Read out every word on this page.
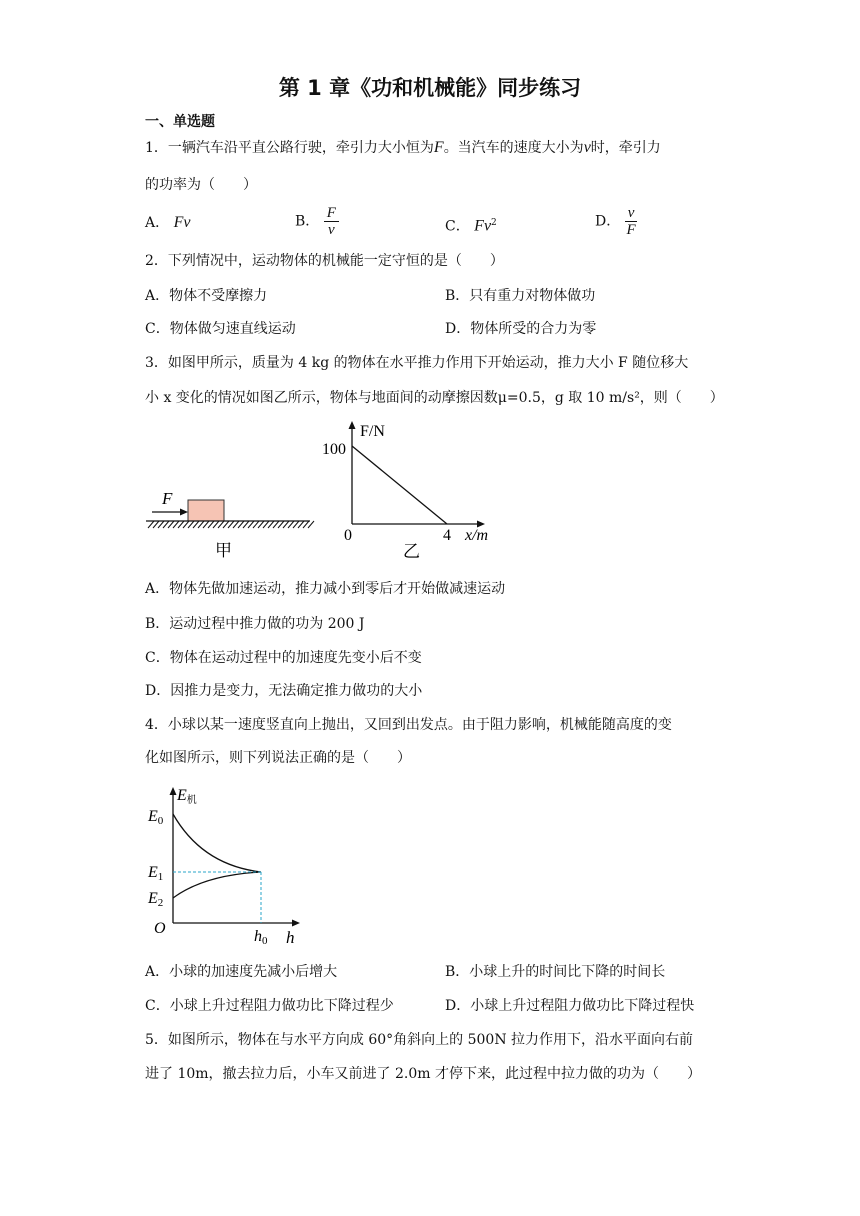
第 1 章《功和机械能》同步练习
一、单选题
1．一辆汽车沿平直公路行驶，牵引力大小恒为F。当汽车的速度大小为v时，牵引力
的功率为（　　）
A． Fv	B． $\frac{F}{v}$	C． Fv$^2$	D． $\frac{v}{F}$
2．下列情况中，运动物体的机械能一定守恒的是（　　）
A．物体不受摩擦力	B．只有重力对物体做功
C．物体做匀速直线运动	D．物体所受的合力为零
3．如图甲所示，质量为 4 kg 的物体在水平推力作用下开始运动，推力大小 F 随位移大
小 x 变化的情况如图乙所示，物体与地面间的动摩擦因数μ=0.5，g 取 10 m/s²，则（　　）
F
甲
F/N
100
0	4 x/m
乙
A．物体先做加速运动，推力减小到零后才开始做减速运动
B．运动过程中推力做的功为 200 J
C．物体在运动过程中的加速度先变小后不变
D．因推力是变力，无法确定推力做功的大小
4．小球以某一速度竖直向上抛出，又回到出发点。由于阻力影响，机械能随高度的变
化如图所示，则下列说法正确的是（　　）
E机
E0
E1
E2
O	h0 h
A．小球的加速度先减小后增大	B．小球上升的时间比下降的时间长
C．小球上升过程阻力做功比下降过程少	D．小球上升过程阻力做功比下降过程快
5．如图所示，物体在与水平方向成 60°角斜向上的 500N 拉力作用下，沿水平面向右前
进了 10m，撤去拉力后，小车又前进了 2.0m 才停下来，此过程中拉力做的功为（　　）
